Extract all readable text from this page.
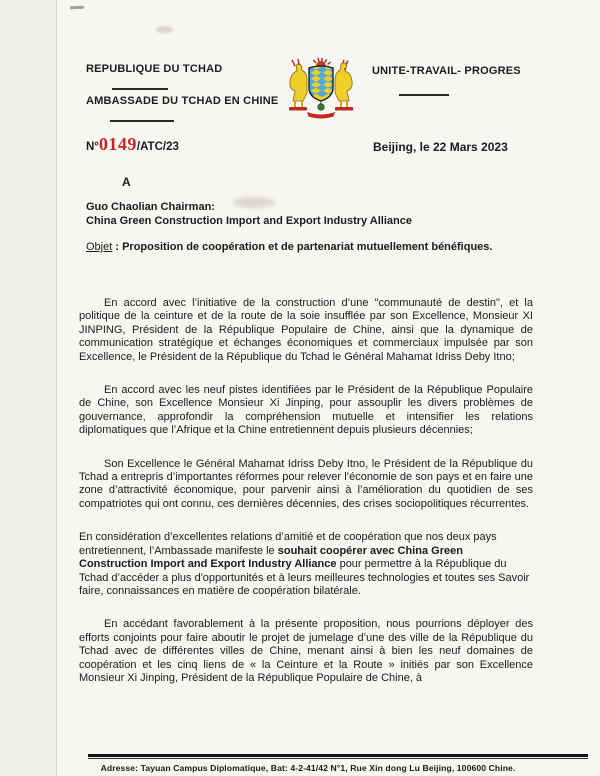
REPUBLIQUE DU TCHAD
AMBASSADE DU TCHAD EN CHINE
UNITE-TRAVAIL- PROGRES
N° 0149 /ATC/23	Beijing, le 22 Mars 2023
A
Guo Chaolian Chairman:
China Green Construction Import and Export Industry Alliance
Objet : Proposition de coopération et de partenariat mutuellement bénéfiques.

En accord avec l’initiative de la construction d’une "communauté de destin", et la politique de la ceinture et de la route de la soie insufflée par son Excellence, Monsieur XI JINPING, Président de la République Populaire de Chine, ainsi que la dynamique de communication stratégique et échanges économiques et commerciaux impulsée par son Excellence, le Président de la République du Tchad le Général Mahamat Idriss Deby Itno;

En accord avec les neuf pistes identifiées par le Président de la République Populaire de Chine, son Excellence Monsieur Xi Jinping, pour assouplir les divers problèmes de gouvernance, approfondir la compréhension mutuelle et intensifier les relations diplomatiques que l’Afrique et la Chine entretiennent depuis plusieurs décennies;

Son Excellence le Général Mahamat Idriss Deby Itno, le Président de la République du Tchad a entrepris d’importantes réformes pour relever l’économie de son pays et en faire une zone d’attractivité économique, pour parvenir ainsi à l’amélioration du quotidien de ses compatriotes qui ont connu, ces dernières décennies, des crises sociopolitiques récurrentes.

En considération d’excellentes relations d’amitié et de coopération que nos deux pays entretiennent, l’Ambassade manifeste le souhait coopérer avec China Green Construction Import and Export Industry Alliance pour permettre à la République du Tchad d’accéder a plus d'opportunités et à leurs meilleures technologies et toutes ses Savoir faire, connaissances en matière de coopération bilatérale.

En accédant favorablement à la présente proposition, nous pourrions déployer des efforts conjoints pour faire aboutir le projet de jumelage d’une des ville de la République du Tchad avec de différentes villes de Chine, menant ainsi à bien les neuf domaines de coopération et les cinq liens de « la Ceinture et la Route » initiés par son Excellence Monsieur Xi Jinping, Président de la République Populaire de Chine, à

Adresse: Tayuan Campus Diplomatique, Bat: 4-2-41/42 N°1, Rue Xin dong Lu Beijing, 100600 Chine.
